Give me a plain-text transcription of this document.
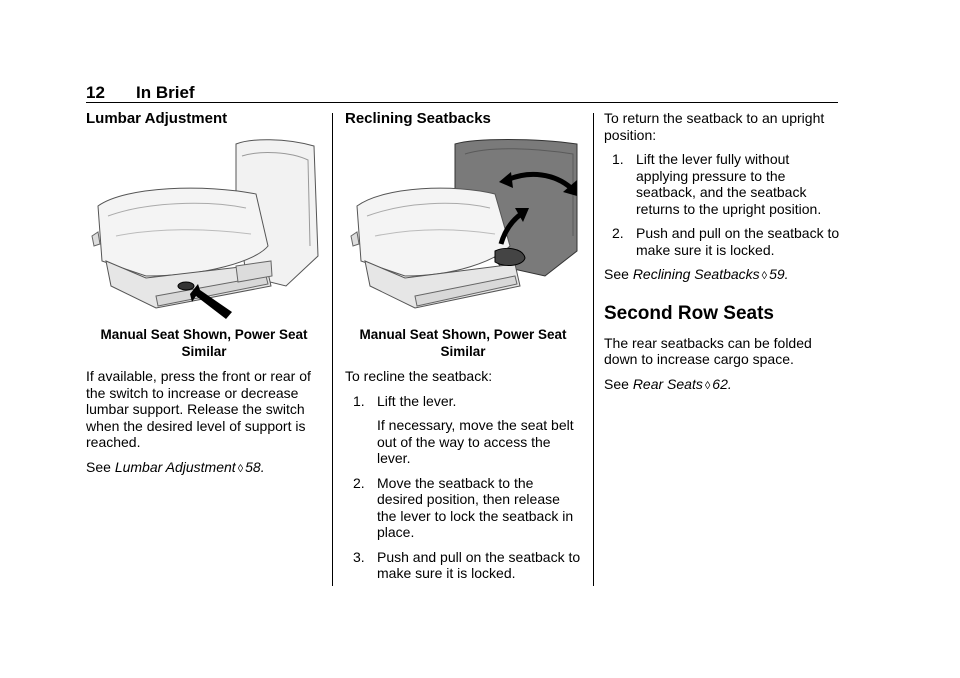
12 In Brief
Lumbar Adjustment
Manual Seat Shown, Power Seat Similar

If available, press the front or rear of the switch to increase or decrease lumbar support. Release the switch when the desired level of support is reached.

See Lumbar Adjustment ◊ 58.

Reclining Seatbacks
Manual Seat Shown, Power Seat Similar

To recline the seatback:

1. Lift the lever.
If necessary, move the seat belt out of the way to access the lever.
2. Move the seatback to the desired position, then release the lever to lock the seatback in place.
3. Push and pull on the seatback to make sure it is locked.

To return the seatback to an upright position:

1. Lift the lever fully without applying pressure to the seatback, and the seatback returns to the upright position.
2. Push and pull on the seatback to make sure it is locked.

See Reclining Seatbacks ◊ 59.

Second Row Seats

The rear seatbacks can be folded down to increase cargo space.

See Rear Seats ◊ 62.
